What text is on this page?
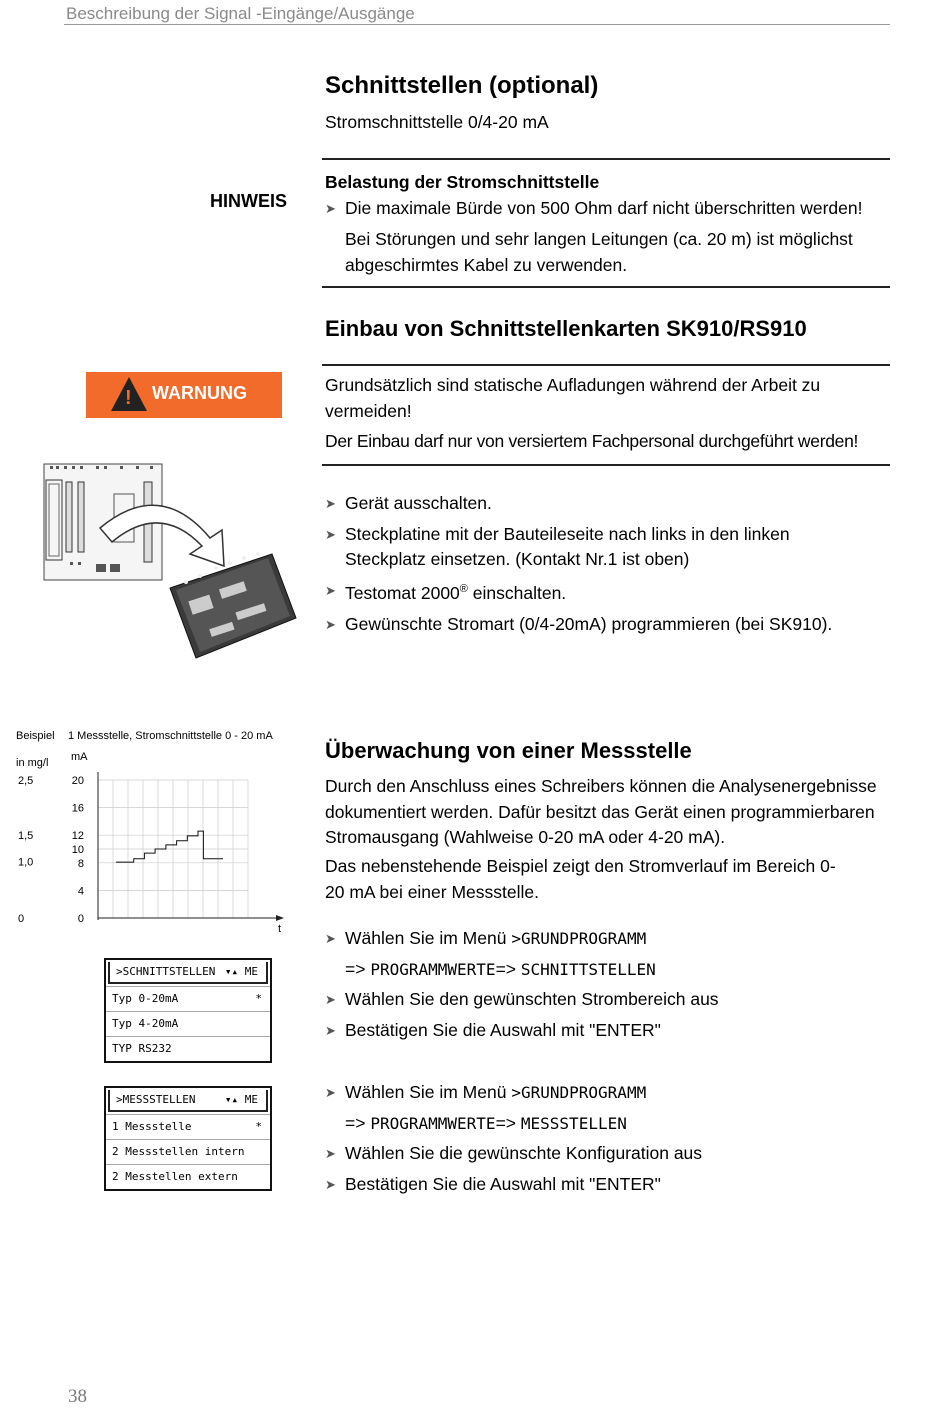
Beschreibung der Signal -Eingänge/Ausgänge
Schnittstellen (optional)
Stromschnittstelle 0/4-20 mA
HINWEIS
Belastung der Stromschnittstelle
➤ Die maximale Bürde von 500 Ohm darf nicht überschritten werden!
Bei Störungen und sehr langen Leitungen (ca. 20 m) ist möglichst abgeschirmtes Kabel zu verwenden.
Einbau von Schnittstellenkarten SK910/RS910
! WARNUNG	Grundsätzlich sind statische Aufladungen während der Arbeit zu vermeiden!
Der Einbau darf nur von versiertem Fachpersonal durchgeführt werden!
➤ Gerät ausschalten.
➤ Steckplatine mit der Bauteileseite nach links in den linken Steckplatz einsetzen. (Kontakt Nr.1 ist oben)
➤ Testomat 2000® einschalten.
➤ Gewünschte Stromart (0/4-20mA) programmieren (bei SK910).
Beispiel 1 Messstelle, Stromschnittstelle 0 - 20 mA
mA
in mg/l
20
16
12
10
8
4
0
2,5
1,5
1,0
0
t
Überwachung von einer Messstelle
Durch den Anschluss eines Schreibers können die Analysenergebnisse dokumentiert werden. Dafür besitzt das Gerät einen programmierbaren Stromausgang (Wahlweise 0-20 mA oder 4-20 mA).
Das nebenstehende Beispiel zeigt den Stromverlauf im Bereich 0-20 mA bei einer Messstelle.
➤ Wählen Sie im Menü >GRUNDPROGRAMM
=> PROGRAMMWERTE=> SCHNITTSTELLEN
➤ Wählen Sie den gewünschten Strombereich aus
➤ Bestätigen Sie die Auswahl mit "ENTER"
➤ Wählen Sie im Menü >GRUNDPROGRAMM
=> PROGRAMMWERTE=> MESSSTELLEN
➤ Wählen Sie die gewünschte Konfiguration aus
➤ Bestätigen Sie die Auswahl mit "ENTER"
>SCHNITTSTELLEN ▾▴ ME
Typ 0-20mA	*
Typ 4-20mA
TYP RS232
>MESSSTELLEN	▾▴ ME
1 Messstelle	*
2 Messstellen intern
2 Messtellen extern
38
